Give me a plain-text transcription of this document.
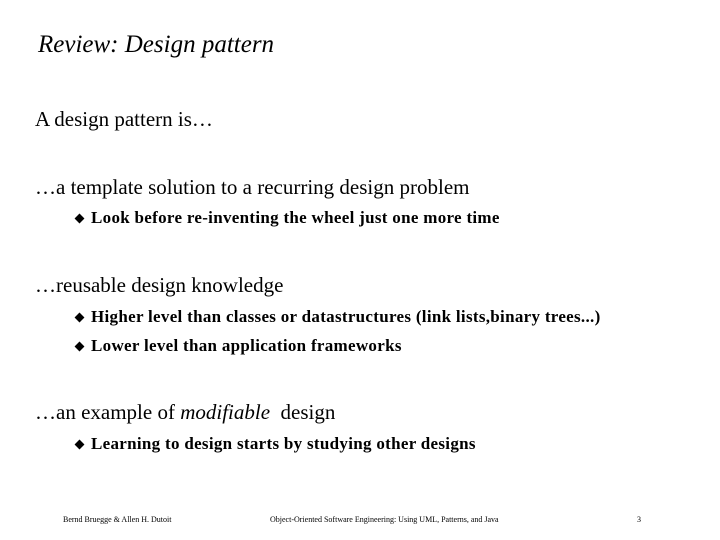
Review: Design pattern
A design pattern is…
…a template solution to a recurring design problem
Look before re-inventing the wheel just one more time
…reusable design knowledge
Higher level than classes or datastructures (link lists,binary trees...)
Lower level than application frameworks
…an example of modifiable  design
Learning to design starts by studying other designs
Bernd Bruegge & Allen H. Dutoit	Object-Oriented Software Engineering: Using UML, Patterns, and Java	3
